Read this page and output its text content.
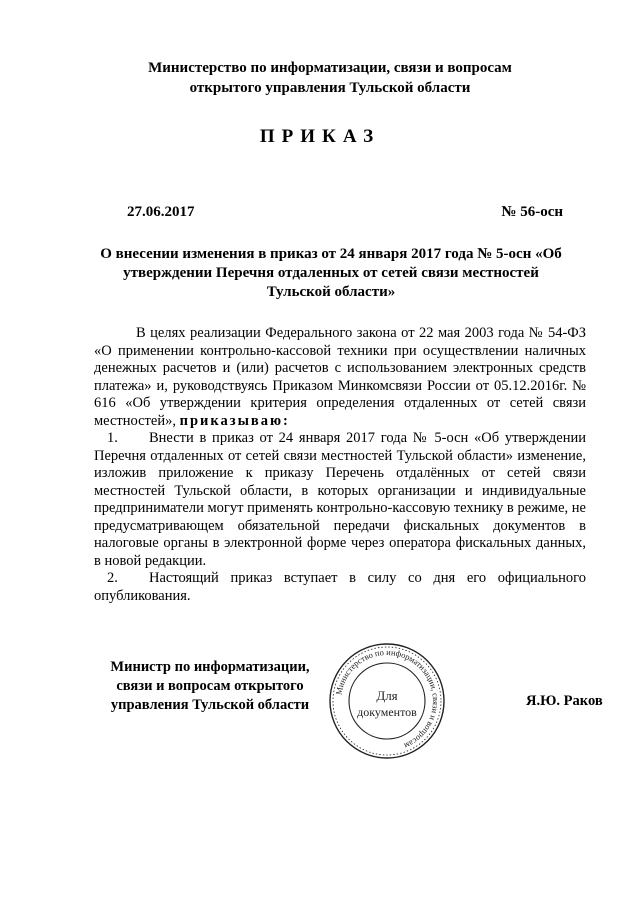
Министерство по информатизации, связи и вопросам
открытого управления Тульской области
ПРИКАЗ
27.06.2017	№ 56-осн
О внесении изменения в приказ от 24 января 2017 года № 5-осн «Об утверждении Перечня отдаленных от сетей связи местностей Тульской области»

В целях реализации Федерального закона от 22 мая 2003 года № 54-ФЗ «О применении контрольно-кассовой техники при осуществлении наличных денежных расчетов и (или) расчетов с использованием электронных средств платежа» и, руководствуясь Приказом Минкомсвязи России от 05.12.2016г. № 616 «Об утверждении критерия определения отдаленных от сетей связи местностей», приказываю:

1. Внести в приказ от 24 января 2017 года № 5-осн «Об утверждении Перечня отдаленных от сетей связи местностей Тульской области» изменение, изложив приложение к приказу Перечень отдалённых от сетей связи местностей Тульской области, в которых организации и индивидуальные предприниматели могут применять контрольно-кассовую технику в режиме, не предусматривающем обязательной передачи фискальных документов в налоговые органы в электронной форме через оператора фискальных данных, в новой редакции.

2. Настоящий приказ вступает в силу со дня его официального опубликования.

Министр по информатизации,
связи и вопросам открытого
управления Тульской области
Министерство по информатизации, связи и вопросам
Для
документов
Я.Ю. Раков
